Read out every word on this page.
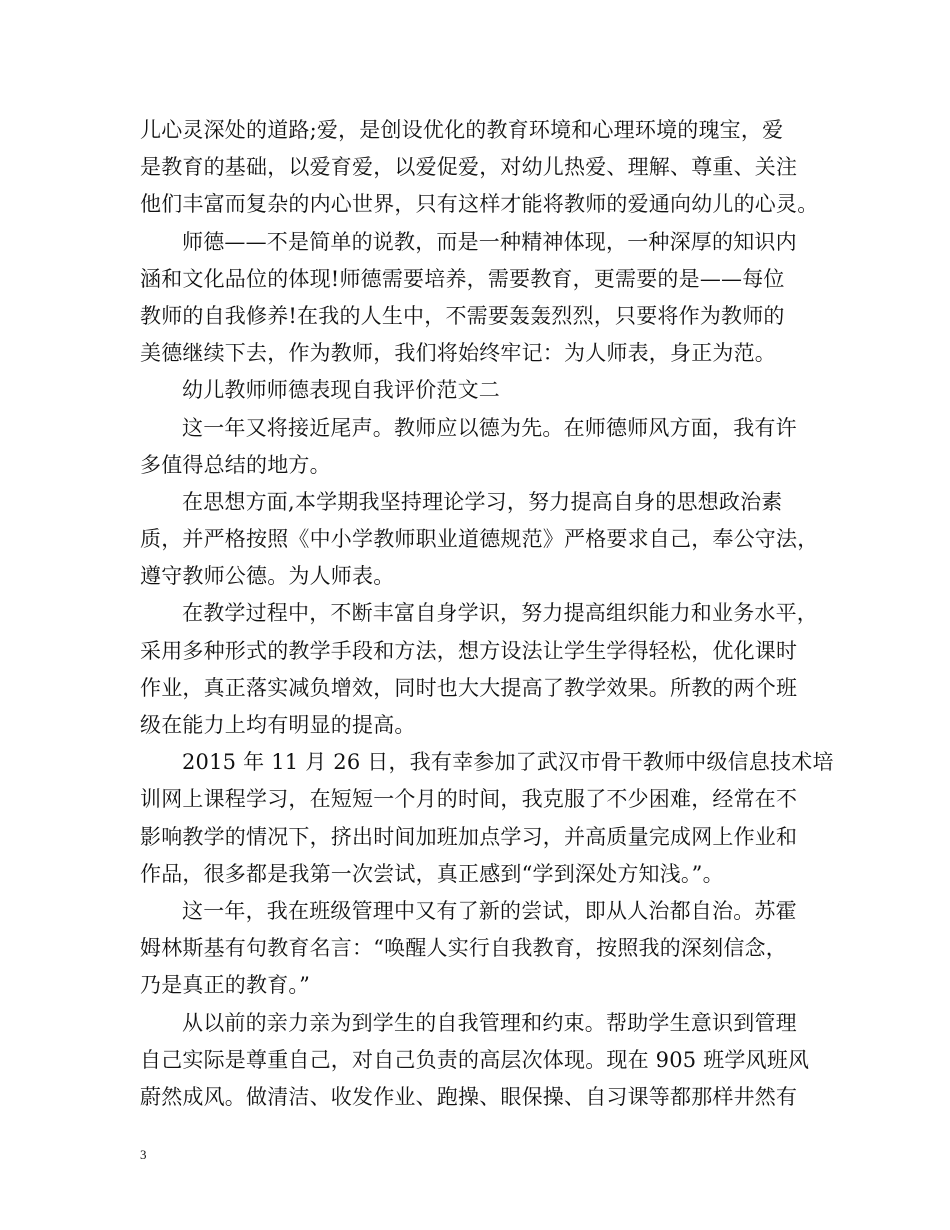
儿心灵深处的道路;爱，是创设优化的教育环境和心理环境的瑰宝，爱
是教育的基础，以爱育爱，以爱促爱，对幼儿热爱、理解、尊重、关注
他们丰富而复杂的内心世界，只有这样才能将教师的爱通向幼儿的心灵。
师德——不是简单的说教，而是一种精神体现，一种深厚的知识内
涵和文化品位的体现!师德需要培养，需要教育，更需要的是——每位
教师的自我修养!在我的人生中，不需要轰轰烈烈，只要将作为教师的
美德继续下去，作为教师，我们将始终牢记：为人师表，身正为范。
幼儿教师师德表现自我评价范文二
这一年又将接近尾声。教师应以德为先。在师德师风方面，我有许
多值得总结的地方。
在思想方面,本学期我坚持理论学习，努力提高自身的思想政治素
质，并严格按照《中小学教师职业道德规范》严格要求自己，奉公守法，
遵守教师公德。为人师表。
在教学过程中，不断丰富自身学识，努力提高组织能力和业务水平，
采用多种形式的教学手段和方法，想方设法让学生学得轻松，优化课时
作业，真正落实减负增效，同时也大大提高了教学效果。所教的两个班
级在能力上均有明显的提高。
2015 年 11 月 26 日，我有幸参加了武汉市骨干教师中级信息技术培
训网上课程学习，在短短一个月的时间，我克服了不少困难，经常在不
影响教学的情况下，挤出时间加班加点学习，并高质量完成网上作业和
作品，很多都是我第一次尝试，真正感到“学到深处方知浅。”。
这一年，我在班级管理中又有了新的尝试，即从人治都自治。苏霍
姆林斯基有句教育名言：“唤醒人实行自我教育，按照我的深刻信念，
乃是真正的教育。”
从以前的亲力亲为到学生的自我管理和约束。帮助学生意识到管理
自己实际是尊重自己，对自己负责的高层次体现。现在 905 班学风班风
蔚然成风。做清洁、收发作业、跑操、眼保操、自习课等都那样井然有
3
